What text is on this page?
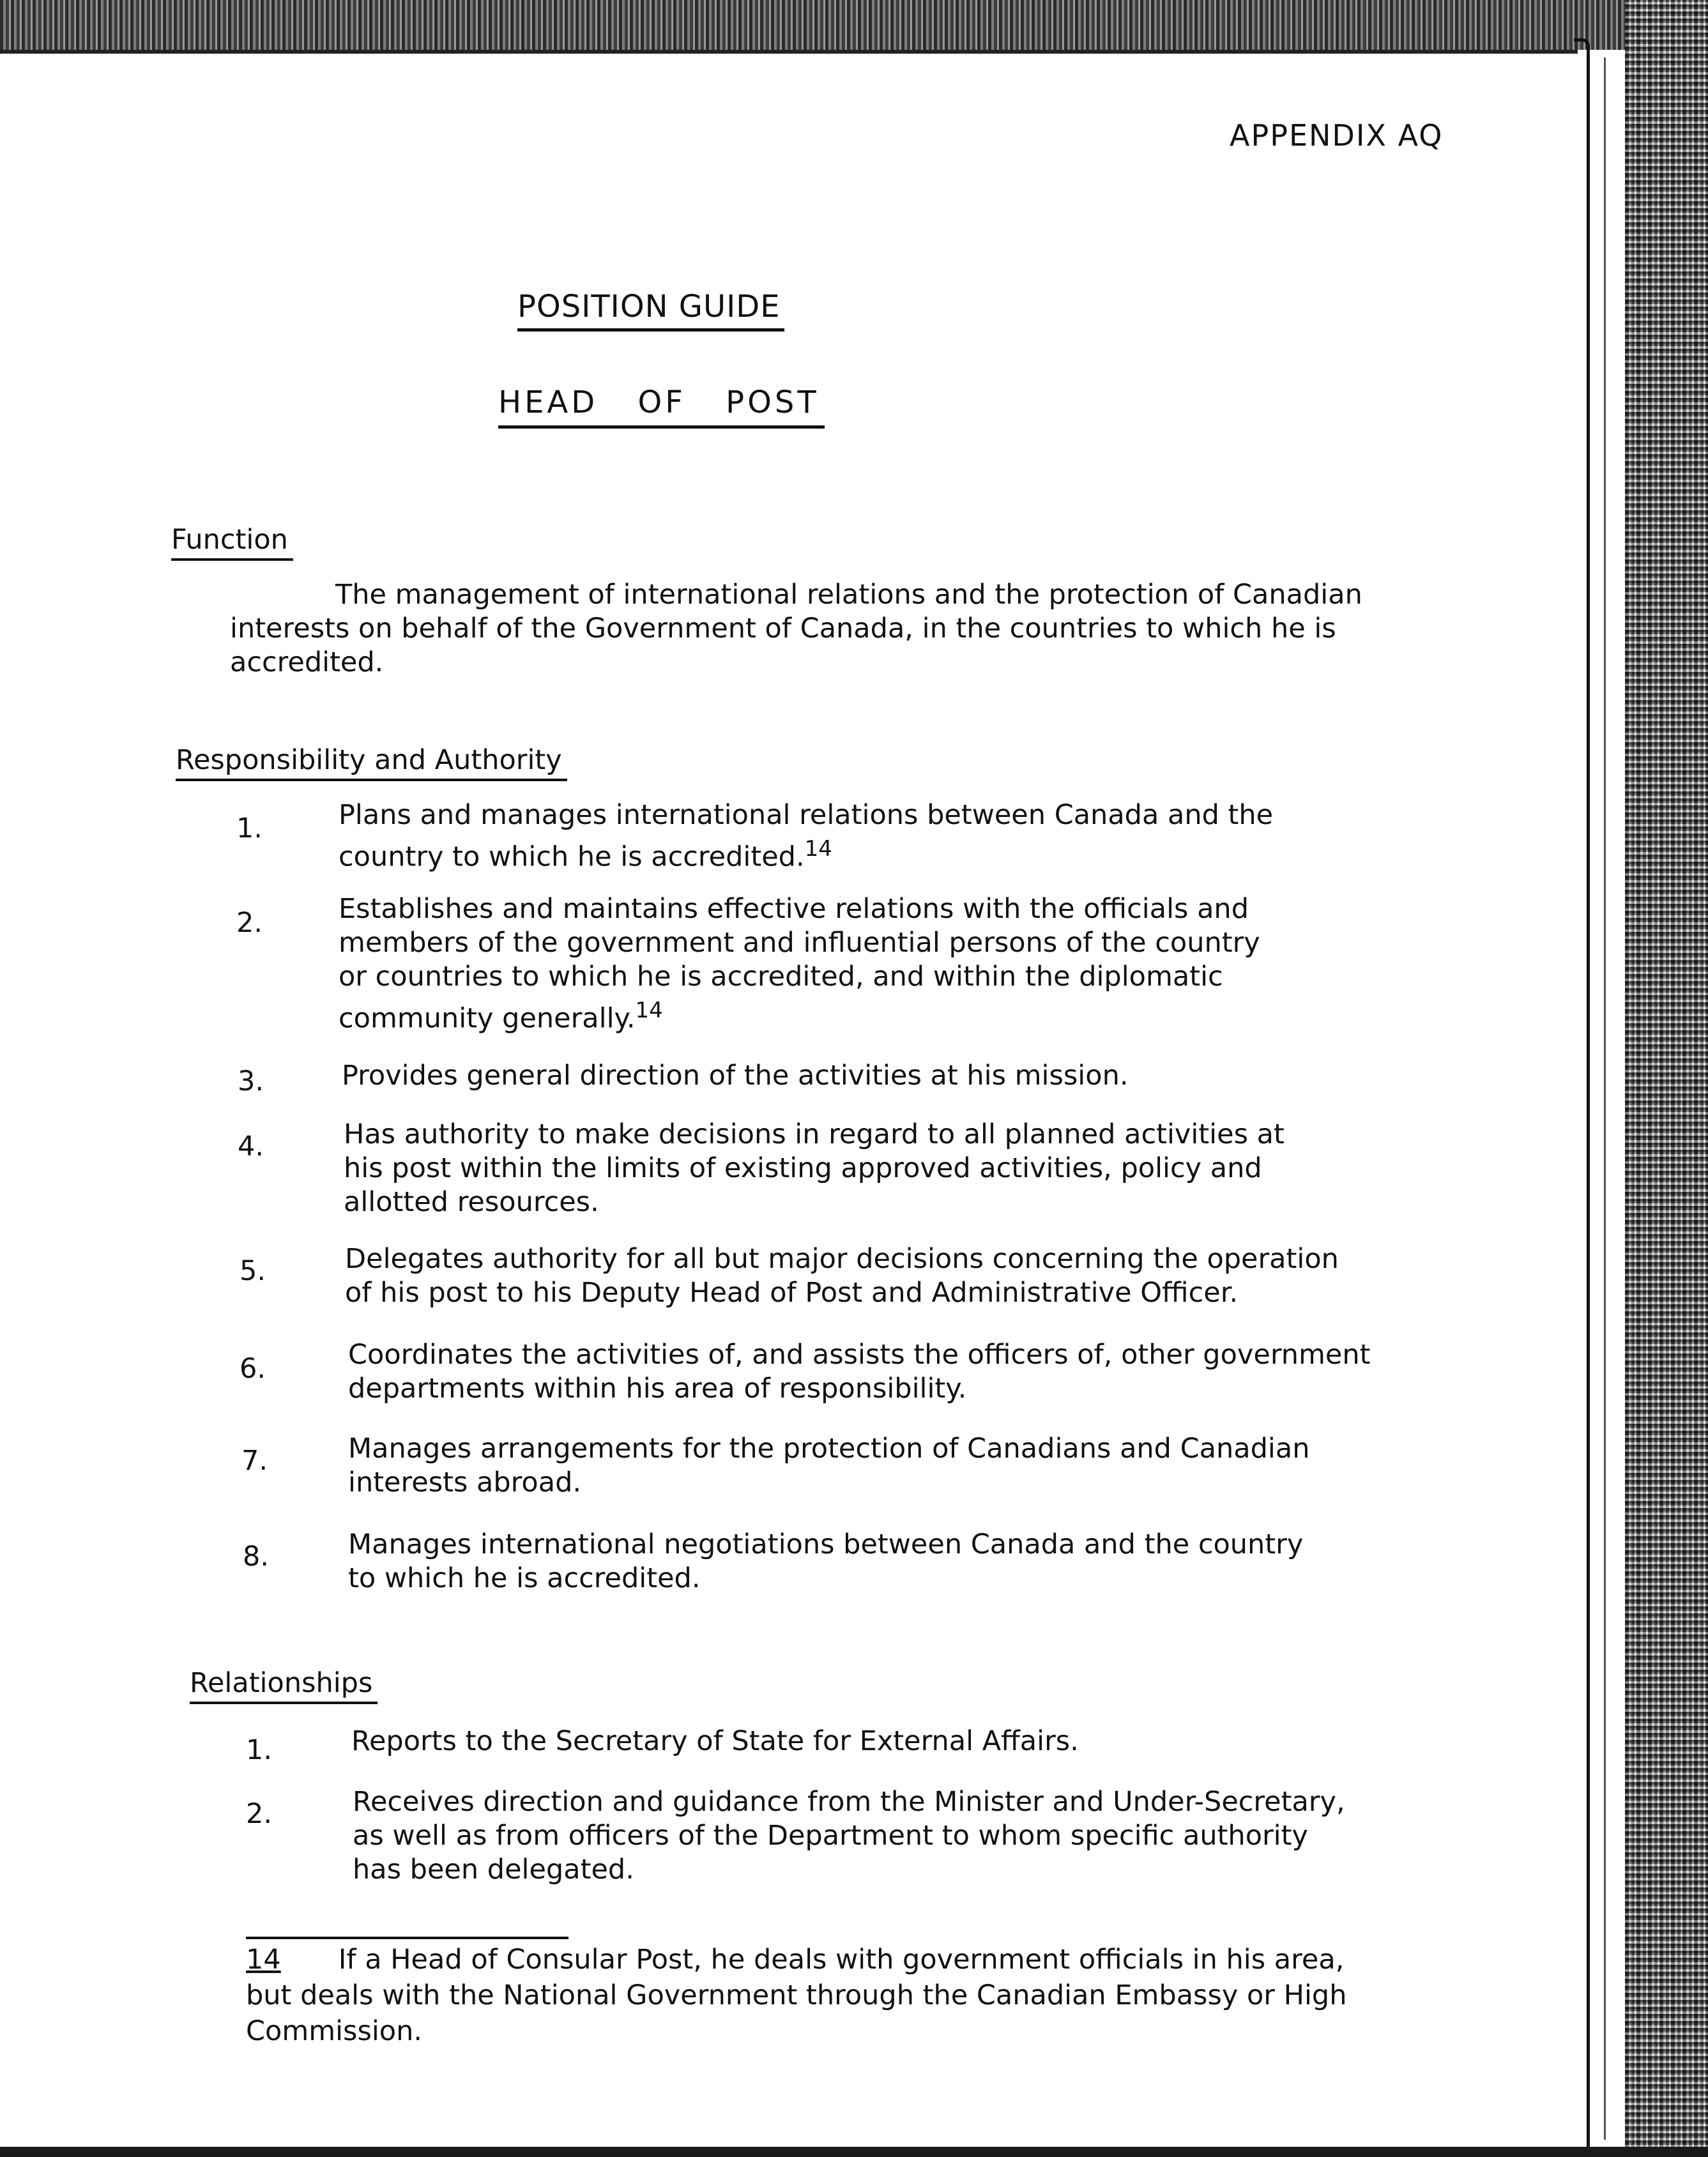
APPENDIX AQ
POSITION GUIDE
HEAD OF POST
Function
The management of international relations and the protection of Canadian interests on behalf of the Government of Canada, in the countries to which he is accredited.
Responsibility and Authority
1.	Plans and manages international relations between Canada and the country to which he is accredited.$^{14}$
2.	Establishes and maintains effective relations with the officials and members of the government and influential persons of the country or countries to which he is accredited, and within the diplomatic community generally.$^{14}$
3.	Provides general direction of the activities at his mission.
4.	Has authority to make decisions in regard to all planned activities at his post within the limits of existing approved activities, policy and allotted resources.
5.	Delegates authority for all but major decisions concerning the operation of his post to his Deputy Head of Post and Administrative Officer.
6.	Coordinates the activities of, and assists the officers of, other government departments within his area of responsibility.
7.	Manages arrangements for the protection of Canadians and Canadian interests abroad.
8.	Manages international negotiations between Canada and the country to which he is accredited.
Relationships
1.	Reports to the Secretary of State for External Affairs.
2.	Receives direction and guidance from the Minister and Under-Secretary, as well as from officers of the Department to whom specific authority has been delegated.
14 If a Head of Consular Post, he deals with government officials in his area, but deals with the National Government through the Canadian Embassy or High Commission.
